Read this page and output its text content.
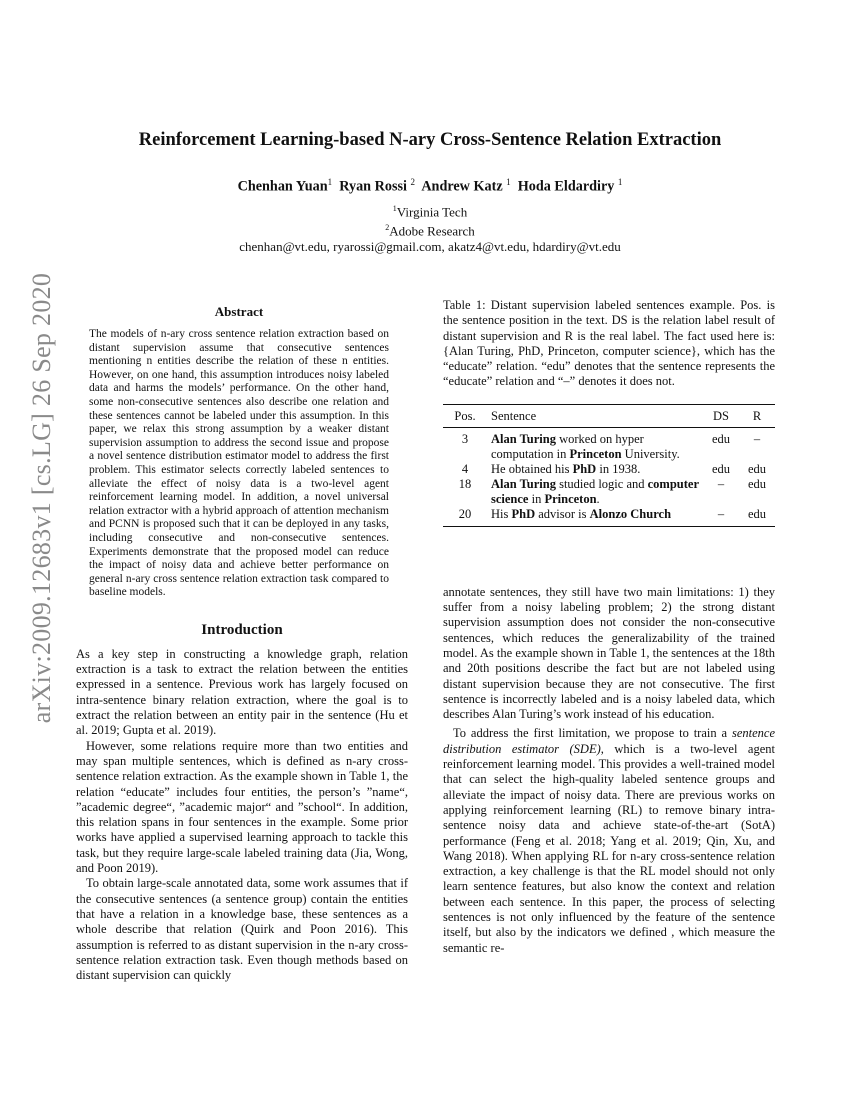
arXiv:2009.12683v1 [cs.LG] 26 Sep 2020
Reinforcement Learning-based N-ary Cross-Sentence Relation Extraction
Chenhan Yuan$^1$ Ryan Rossi $^2$ Andrew Katz $^1$ Hoda Eldardiry $^1$
$^1$Virginia Tech
$^2$Adobe Research
chenhan@vt.edu, ryarossi@gmail.com, akatz4@vt.edu, hdardiry@vt.edu
Abstract
The models of n-ary cross sentence relation extraction based on distant supervision assume that consecutive sentences mentioning n entities describe the relation of these n entities. However, on one hand, this assumption introduces noisy labeled data and harms the models’ performance. On the other hand, some non-consecutive sentences also describe one relation and these sentences cannot be labeled under this assumption. In this paper, we relax this strong assumption by a weaker distant supervision assumption to address the second issue and propose a novel sentence distribution estimator model to address the first problem. This estimator selects correctly labeled sentences to alleviate the effect of noisy data is a two-level agent reinforcement learning model. In addition, a novel universal relation extractor with a hybrid approach of attention mechanism and PCNN is proposed such that it can be deployed in any tasks, including consecutive and non-consecutive sentences. Experiments demonstrate that the proposed model can reduce the impact of noisy data and achieve better performance on general n-ary cross sentence relation extraction task compared to baseline models.
Introduction

As a key step in constructing a knowledge graph, relation extraction is a task to extract the relation between the entities expressed in a sentence. Previous work has largely focused on intra-sentence binary relation extraction, where the goal is to extract the relation between an entity pair in the sentence (Hu et al. 2019; Gupta et al. 2019).

However, some relations require more than two entities and may span multiple sentences, which is defined as n-ary cross-sentence relation extraction. As the example shown in Table 1, the relation “educate” includes four entities, the person’s ”name“, ”academic degree“, ”academic major“ and ”school“. In addition, this relation spans in four sentences in the example. Some prior works have applied a supervised learning approach to tackle this task, but they require large-scale labeled training data (Jia, Wong, and Poon 2019).

To obtain large-scale annotated data, some work assumes that if the consecutive sentences (a sentence group) contain the entities that have a relation in a knowledge base, these sentences as a whole describe that relation (Quirk and Poon 2016). This assumption is referred to as distant supervision in the n-ary cross-sentence relation extraction task. Even though methods based on distant supervision can quickly

Table 1: Distant supervision labeled sentences example. Pos. is the sentence position in the text. DS is the relation label result of distant supervision and R is the real label. The fact used here is: {Alan Turing, PhD, Princeton, computer science}, which has the “educate” relation. “edu” denotes that the sentence represents the “educate” relation and “–” denotes it does not.
Pos.	Sentence	DS	R
3	Alan Turing worked on hyper computation in Princeton University.	edu	–
4	He obtained his PhD in 1938.	edu	edu
18	Alan Turing studied logic and computer science in Princeton.	–	edu
20	His PhD advisor is Alonzo Church	–	edu

annotate sentences, they still have two main limitations: 1) they suffer from a noisy labeling problem; 2) the strong distant supervision assumption does not consider the non-consecutive sentences, which reduces the generalizability of the trained model. As the example shown in Table 1, the sentences at the 18th and 20th positions describe the fact but are not labeled using distant supervision because they are not consecutive. The first sentence is incorrectly labeled and is a noisy labeled data, which describes Alan Turing’s work instead of his education.

To address the first limitation, we propose to train a sentence distribution estimator (SDE), which is a two-level agent reinforcement learning model. This provides a well-trained model that can select the high-quality labeled sentence groups and alleviate the impact of noisy data. There are previous works on applying reinforcement learning (RL) to remove binary intra-sentence noisy data and achieve state-of-the-art (SotA) performance (Feng et al. 2018; Yang et al. 2019; Qin, Xu, and Wang 2018). When applying RL for n-ary cross-sentence relation extraction, a key challenge is that the RL model should not only learn sentence features, but also know the context and relation between each sentence. In this paper, the process of selecting sentences is not only influenced by the feature of the sentence itself, but also by the indicators we defined , which measure the semantic re-
